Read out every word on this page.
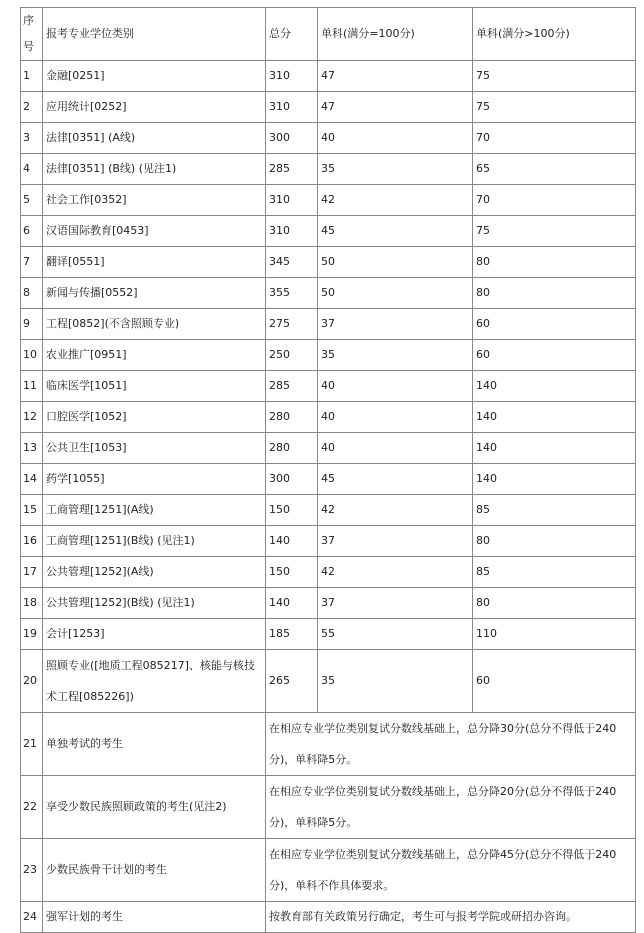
序号	报考专业学位类别	总分	单科(满分=100分)	单科(满分>100分)
1	金融[0251]	310	47	75
2	应用统计[0252]	310	47	75
3	法律[0351] (A线)	300	40	70
4	法律[0351] (B线) (见注1)	285	35	65
5	社会工作[0352]	310	42	70
6	汉语国际教育[0453]	310	45	75
7	翻译[0551]	345	50	80
8	新闻与传播[0552]	355	50	80
9	工程[0852](不含照顾专业)	275	37	60
10	农业推广[0951]	250	35	60
11	临床医学[1051]	285	40	140
12	口腔医学[1052]	280	40	140
13	公共卫生[1053]	280	40	140
14	药学[1055]	300	45	140
15	工商管理[1251](A线)	150	42	85
16	工商管理[1251](B线) (见注1)	140	37	80
17	公共管理[1252](A线)	150	42	85
18	公共管理[1252](B线) (见注1)	140	37	80
19	会计[1253]	185	55	110
20	照顾专业([地质工程085217]、核能与核技术工程[085226])	265	35	60
21	单独考试的考生	在相应专业学位类别复试分数线基础上，总分降30分(总分不得低于240分)，单科降5分。		
22	享受少数民族照顾政策的考生(见注2)	在相应专业学位类别复试分数线基础上，总分降20分(总分不得低于240分)，单科降5分。		
23	少数民族骨干计划的考生	在相应专业学位类别复试分数线基础上，总分降45分(总分不得低于240分)，单科不作具体要求。		
24	强军计划的考生	按教育部有关政策另行确定，考生可与报考学院或研招办咨询。		
